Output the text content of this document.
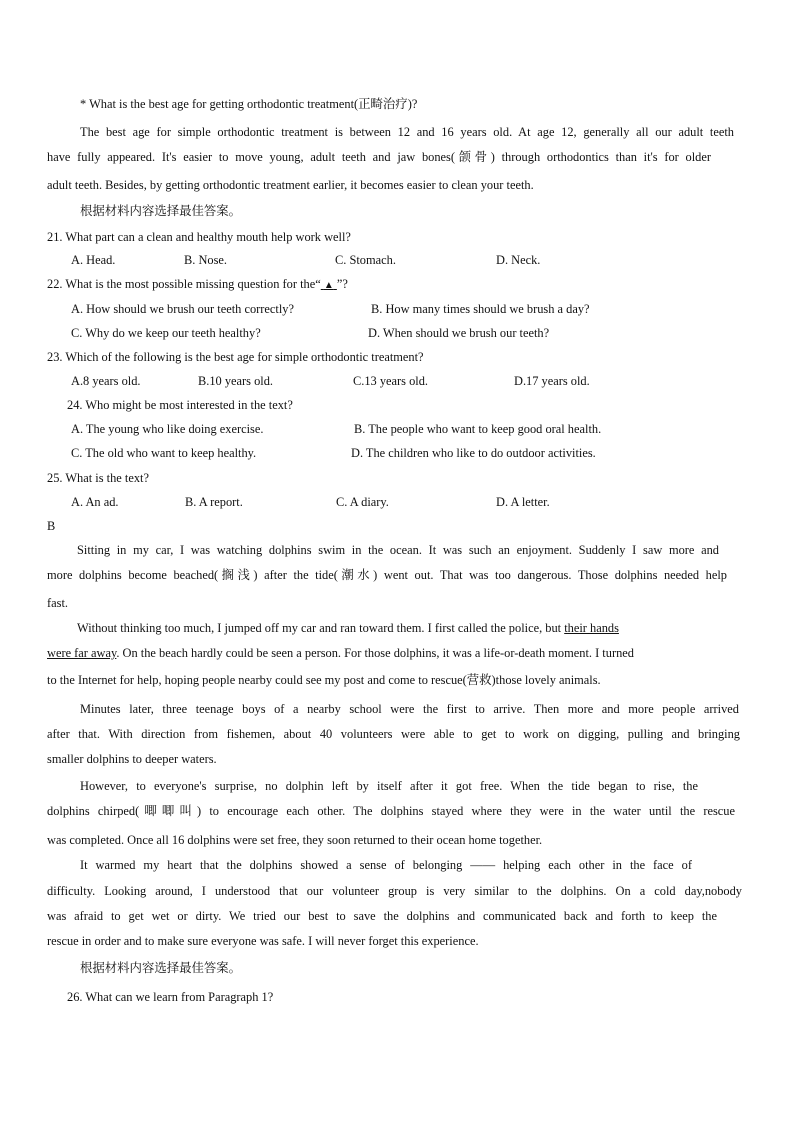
* What is the best age for getting orthodontic treatment(正畸治疗)?
The best age for simple orthodontic treatment is between 12 and 16 years old. At age 12, generally all our adult teeth
have fully appeared. It's easier to move young, adult teeth and jaw bones(颌骨) through orthodontics than it's for older
adult teeth. Besides, by getting orthodontic treatment earlier, it becomes easier to clean your teeth.
根据材料内容选择最佳答案。
21. What part can a clean and healthy mouth help work well?
A. Head.	B. Nose.	C. Stomach.	D. Neck.
22. What is the most possible missing question for the“ ▲ ”?
A. How should we brush our teeth correctly?	B. How many times should we brush a day?
C. Why do we keep our teeth healthy?	D. When should we brush our teeth?
23. Which of the following is the best age for simple orthodontic treatment?
A.8 years old.	B.10 years old.	C.13 years old.	D.17 years old.
24. Who might be most interested in the text?
A. The young who like doing exercise.	B. The people who want to keep good oral health.
C. The old who want to keep healthy.	D. The children who like to do outdoor activities.
25. What is the text?
A. An ad.	B. A report.	C. A diary.	D. A letter.
B
Sitting in my car, I was watching dolphins swim in the ocean. It was such an enjoyment. Suddenly I saw more and
more dolphins become beached(搁浅) after the tide(潮水) went out. That was too dangerous. Those dolphins needed help
fast.
Without thinking too much, I jumped off my car and ran toward them. I first called the police, but their hands
were far away. On the beach hardly could be seen a person. For those dolphins, it was a life-or-death moment. I turned
to the Internet for help, hoping people nearby could see my post and come to rescue(营救)those lovely animals.
Minutes later, three teenage boys of a nearby school were the first to arrive. Then more and more people arrived
after that. With direction from fishemen, about 40 volunteers were able to get to work on digging, pulling and bringing
smaller dolphins to deeper waters.
However, to everyone's surprise, no dolphin left by itself after it got free. When the tide began to rise, the
dolphins chirped(唧唧叫) to encourage each other. The dolphins stayed where they were in the water until the rescue
was completed. Once all 16 dolphins were set free, they soon returned to their ocean home together.
It warmed my heart that the dolphins showed a sense of belonging —— helping each other in the face of
difficulty. Looking around, I understood that our volunteer group is very similar to the dolphins. On a cold day,nobody
was afraid to get wet or dirty. We tried our best to save the dolphins and communicated back and forth to keep the
rescue in order and to make sure everyone was safe. I will never forget this experience.
根据材料内容选择最佳答案。
26. What can we learn from Paragraph 1?
